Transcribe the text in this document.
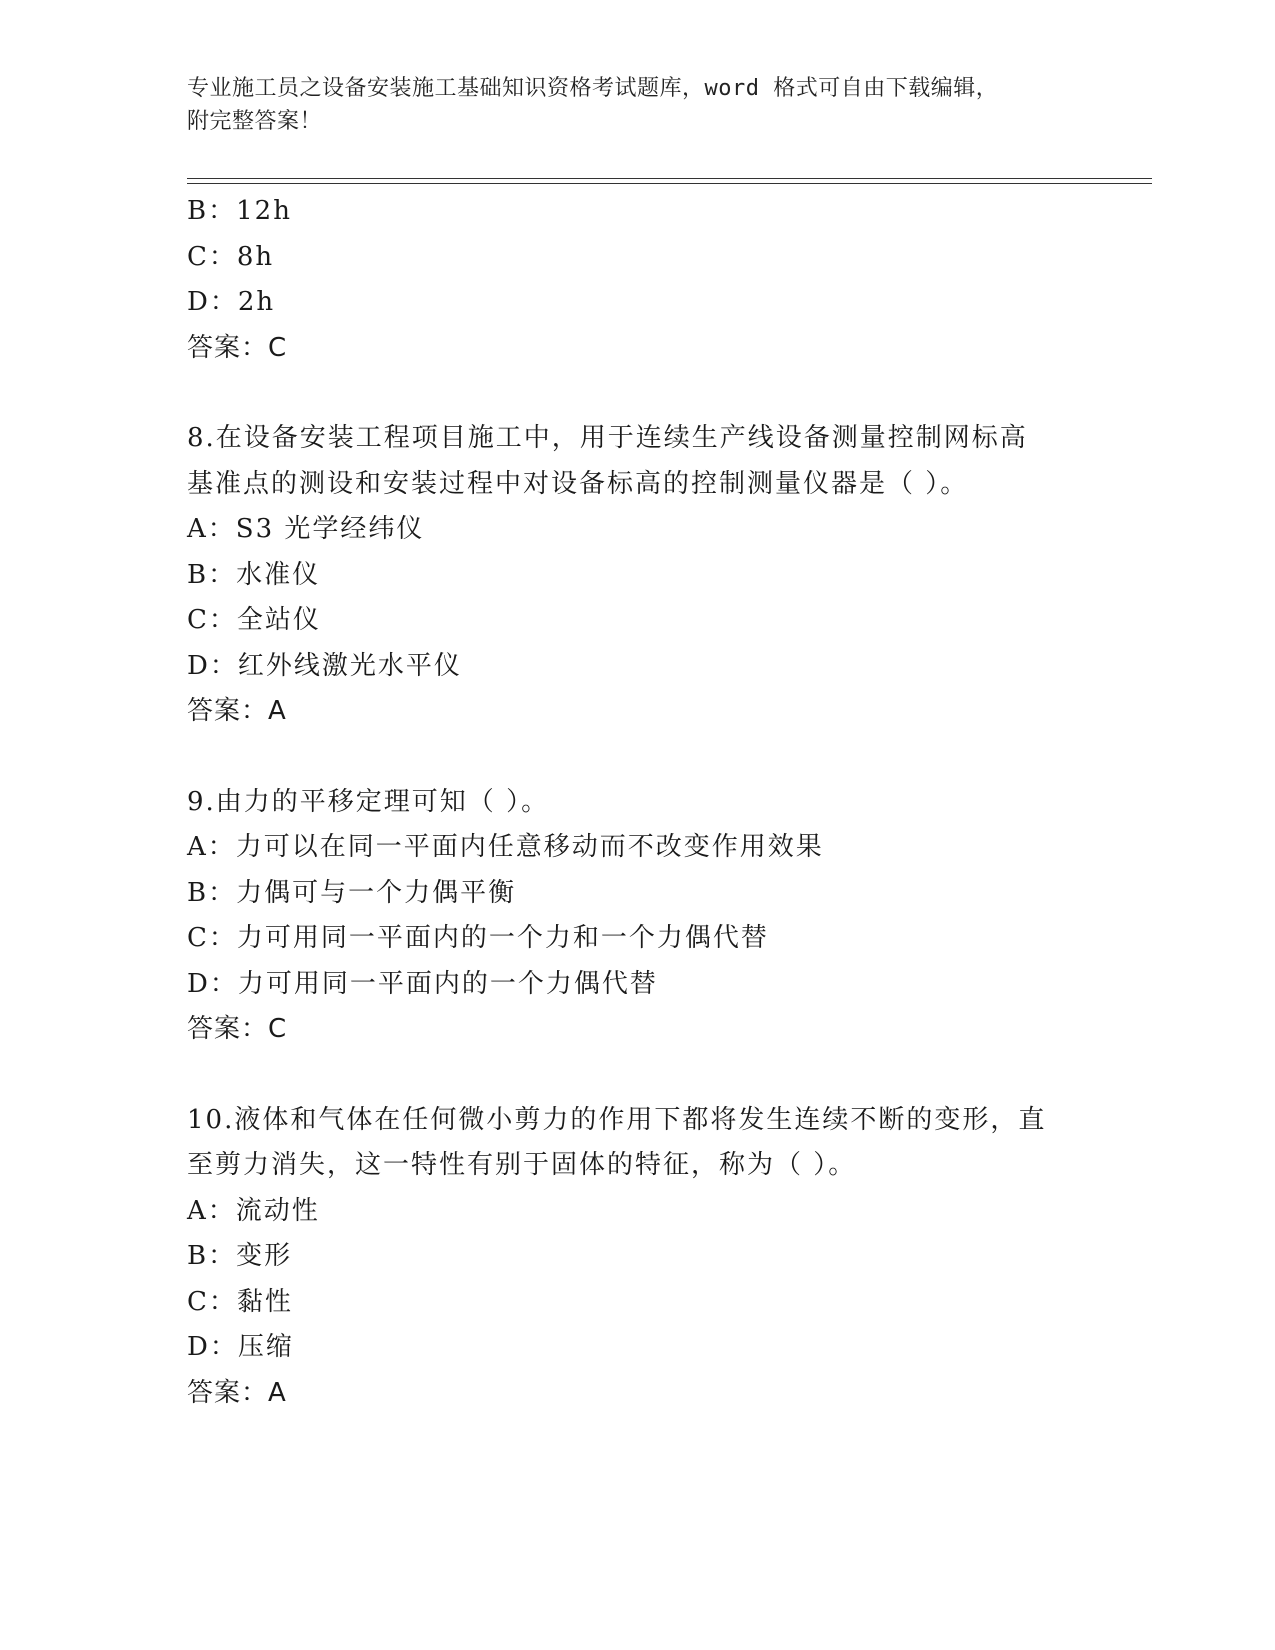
专业施工员之设备安装施工基础知识资格考试题库，word 格式可自由下载编辑，
附完整答案！
B：12h
C：8h
D：2h
答案：C
8.在设备安装工程项目施工中，用于连续生产线设备测量控制网标高
基准点的测设和安装过程中对设备标高的控制测量仪器是（ ）。
A：S3 光学经纬仪
B：水准仪
C：全站仪
D：红外线激光水平仪
答案：A
9.由力的平移定理可知（ ）。
A：力可以在同一平面内任意移动而不改变作用效果
B：力偶可与一个力偶平衡
C：力可用同一平面内的一个力和一个力偶代替
D：力可用同一平面内的一个力偶代替
答案：C
10.液体和气体在任何微小剪力的作用下都将发生连续不断的变形，直
至剪力消失，这一特性有别于固体的特征，称为（ ）。
A：流动性
B：变形
C：黏性
D：压缩
答案：A
